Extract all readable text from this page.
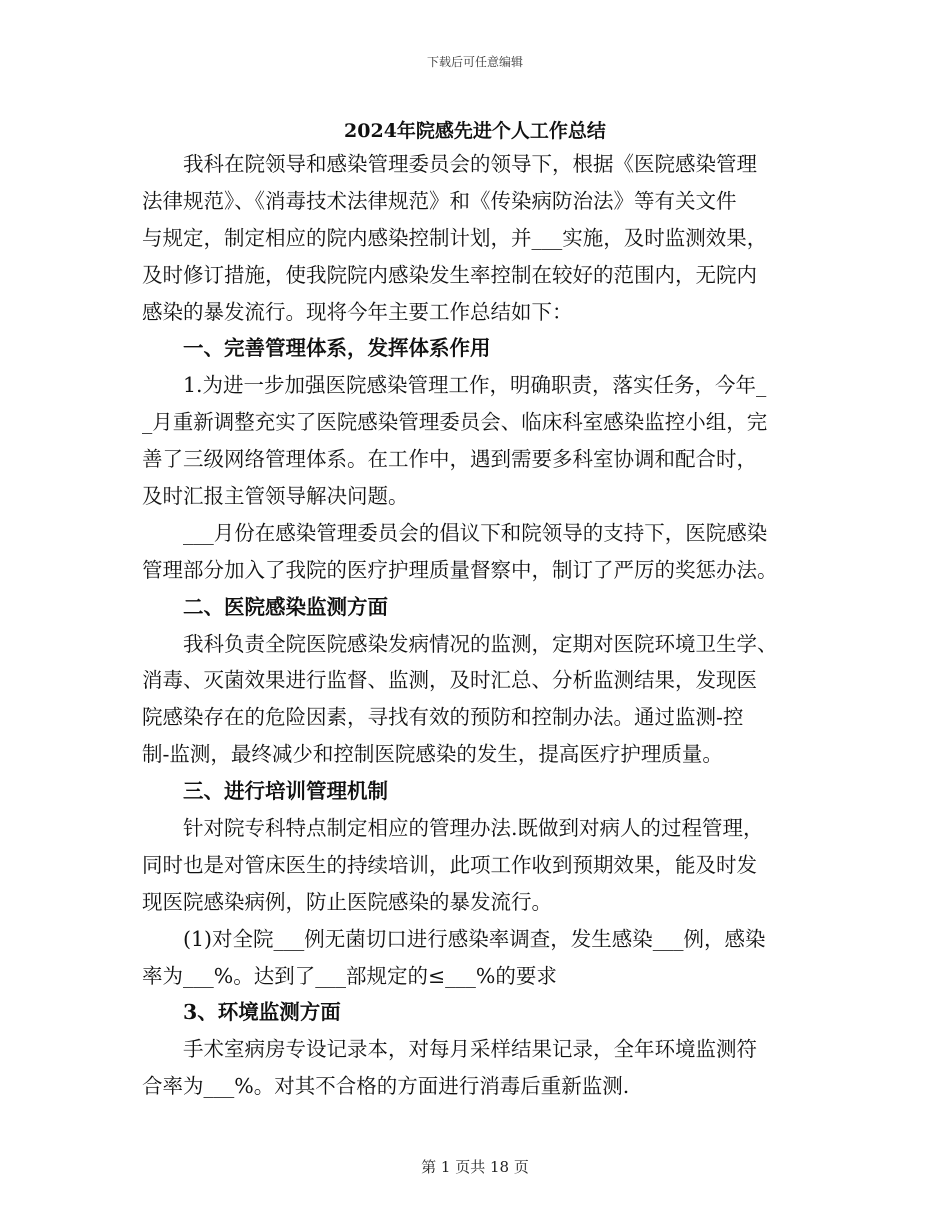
下载后可任意编辑
2024年院感先进个人工作总结
我科在院领导和感染管理委员会的领导下，根据《医院感染管理
法律规范》、《消毒技术法律规范》和《传染病防治法》等有关文件
与规定，制定相应的院内感染控制计划，并___实施，及时监测效果，
及时修订措施，使我院院内感染发生率控制在较好的范围内，无院内
感染的暴发流行。现将今年主要工作总结如下：
一、完善管理体系，发挥体系作用
1.为进一步加强医院感染管理工作，明确职责，落实任务，今年_
_月重新调整充实了医院感染管理委员会、临床科室感染监控小组，完
善了三级网络管理体系。在工作中，遇到需要多科室协调和配合时，
及时汇报主管领导解决问题。
___月份在感染管理委员会的倡议下和院领导的支持下，医院感染
管理部分加入了我院的医疗护理质量督察中，制订了严厉的奖惩办法。
二、医院感染监测方面
我科负责全院医院感染发病情况的监测，定期对医院环境卫生学、
消毒、灭菌效果进行监督、监测，及时汇总、分析监测结果，发现医
院感染存在的危险因素，寻找有效的预防和控制办法。通过监测-控
制-监测，最终减少和控制医院感染的发生，提高医疗护理质量。
三、进行培训管理机制
针对院专科特点制定相应的管理办法.既做到对病人的过程管理，
同时也是对管床医生的持续培训，此项工作收到预期效果，能及时发
现医院感染病例，防止医院感染的暴发流行。
(1)对全院___例无菌切口进行感染率调查，发生感染___例，感染
率为___%。达到了___部规定的≤___%的要求
3、环境监测方面
手术室病房专设记录本，对每月采样结果记录，全年环境监测符
合率为___%。对其不合格的方面进行消毒后重新监测.
第 1 页共 18 页
